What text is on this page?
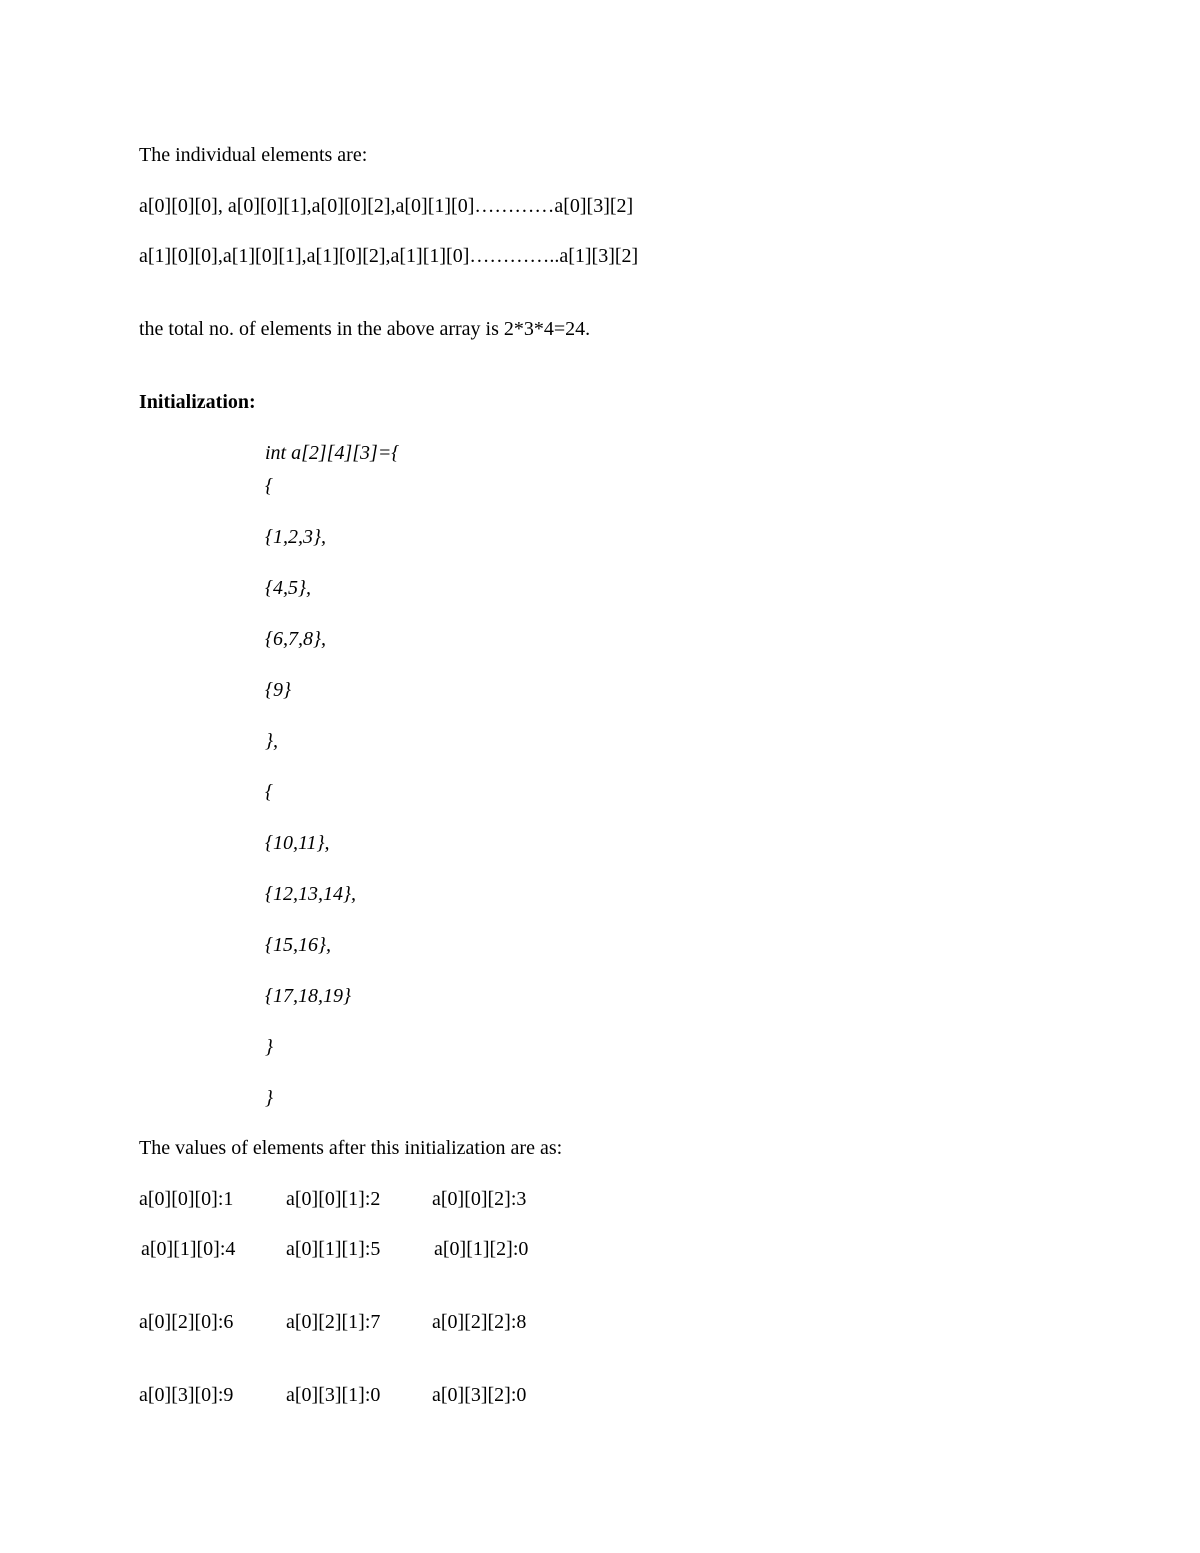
The individual elements are:
a[0][0][0], a[0][0][1],a[0][0][2],a[0][1][0]…………a[0][3][2]
a[1][0][0],a[1][0][1],a[1][0][2],a[1][1][0]…………..a[1][3][2]
the total no. of elements in the above array is 2*3*4=24.
Initialization:
int a[2][4][3]={
{
{1,2,3},
{4,5},
{6,7,8},
{9}
},
{
{10,11},
{12,13,14},
{15,16},
{17,18,19}
}
}
The values of elements after this initialization are as:
a[0][0][0]:1	a[0][0][1]:2	a[0][0][2]:3
a[0][1][0]:4	a[0][1][1]:5	a[0][1][2]:0
a[0][2][0]:6	a[0][2][1]:7	a[0][2][2]:8
a[0][3][0]:9	a[0][3][1]:0	a[0][3][2]:0
